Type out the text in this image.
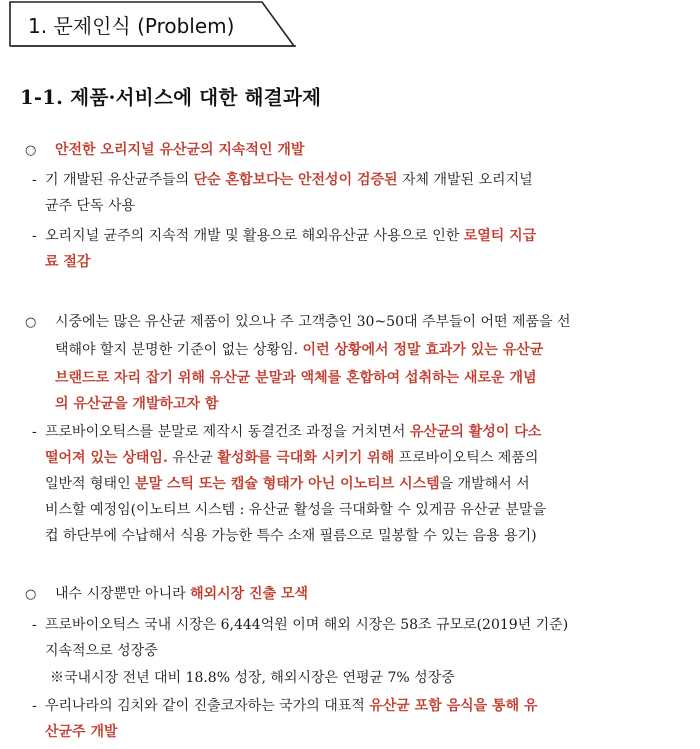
1. 문제인식 (Problem)
1-1. 제품·서비스에 대한 해결과제
○ 안전한 오리지널 유산균의 지속적인 개발
- 기 개발된 유산균주들의 단순 혼합보다는 안전성이 검증된 자체 개발된 오리지널
균주 단독 사용
- 오리지널 균주의 지속적 개발 및 활용으로 해외유산균 사용으로 인한 로열티 지급
료 절감
○ 시중에는 많은 유산균 제품이 있으나 주 고객층인 30~50대 주부들이 어떤 제품을 선
택해야 할지 분명한 기준이 없는 상황임. 이런 상황에서 정말 효과가 있는 유산균
브랜드로 자리 잡기 위해 유산균 분말과 액체를 혼합하여 섭취하는 새로운 개념
의 유산균을 개발하고자 함
- 프로바이오틱스를 분말로 제작시 동결건조 과정을 거치면서 유산균의 활성이 다소
떨어져 있는 상태임. 유산균 활성화를 극대화 시키기 위해 프로바이오틱스 제품의
일반적 형태인 분말 스틱 또는 캡슐 형태가 아닌 이노티브 시스템을 개발해서 서
비스할 예정임(이노티브 시스템 : 유산균 활성을 극대화할 수 있게끔 유산균 분말을
컵 하단부에 수납해서 식용 가능한 특수 소재 필름으로 밀봉할 수 있는 음용 용기)
○ 내수 시장뿐만 아니라 해외시장 진출 모색
- 프로바이오틱스 국내 시장은 6,444억원 이며 해외 시장은 58조 규모로(2019년 기준)
지속적으로 성장중
※국내시장 전년 대비 18.8% 성장, 해외시장은 연평균 7% 성장중
- 우리나라의 김치와 같이 진출코자하는 국가의 대표적 유산균 포함 음식을 통해 유
산균주 개발
